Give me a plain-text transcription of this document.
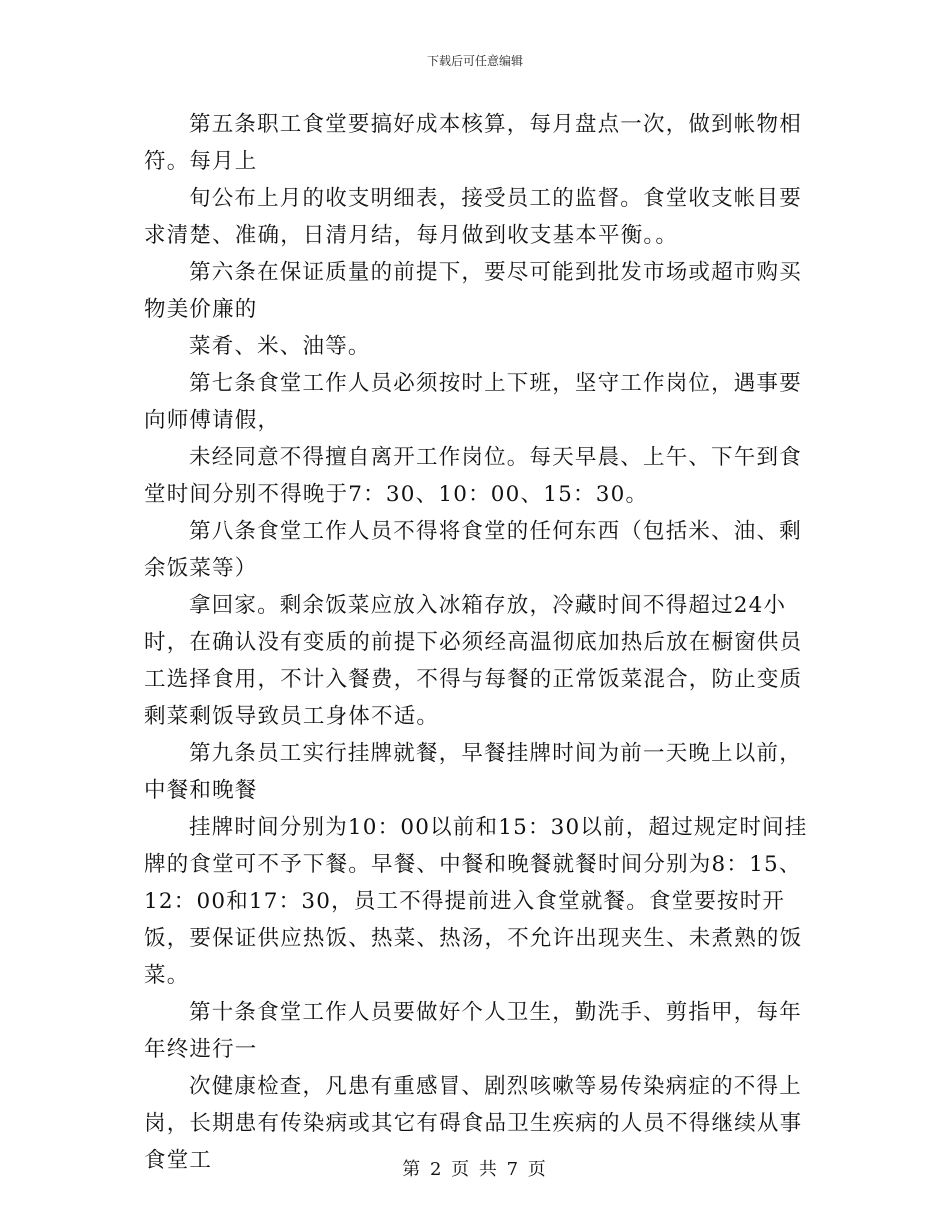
下载后可任意编辑

第五条职工食堂要搞好成本核算，每月盘点一次，做到帐物相符。每月上

旬公布上月的收支明细表，接受员工的监督。食堂收支帐目要求清楚、准确，日清月结，每月做到收支基本平衡。。

第六条在保证质量的前提下，要尽可能到批发市场或超市购买物美价廉的

菜肴、米、油等。

第七条食堂工作人员必须按时上下班，坚守工作岗位，遇事要向师傅请假，

未经同意不得擅自离开工作岗位。每天早晨、上午、下午到食堂时间分别不得晚于7：30、10：00、15：30。

第八条食堂工作人员不得将食堂的任何东西（包括米、油、剩余饭菜等）

拿回家。剩余饭菜应放入冰箱存放，冷藏时间不得超过24小时，在确认没有变质的前提下必须经高温彻底加热后放在橱窗供员工选择食用，不计入餐费，不得与每餐的正常饭菜混合，防止变质剩菜剩饭导致员工身体不适。

第九条员工实行挂牌就餐，早餐挂牌时间为前一天晚上以前，中餐和晚餐

挂牌时间分别为10：00以前和15：30以前，超过规定时间挂牌的食堂可不予下餐。早餐、中餐和晚餐就餐时间分别为8：15、12：00和17：30，员工不得提前进入食堂就餐。食堂要按时开饭，要保证供应热饭、热菜、热汤，不允许出现夹生、未煮熟的饭菜。

第十条食堂工作人员要做好个人卫生，勤洗手、剪指甲，每年年终进行一

次健康检查，凡患有重感冒、剧烈咳嗽等易传染病症的不得上岗，长期患有传染病或其它有碍食品卫生疾病的人员不得继续从事食堂工	第 2 页 共 7 页
